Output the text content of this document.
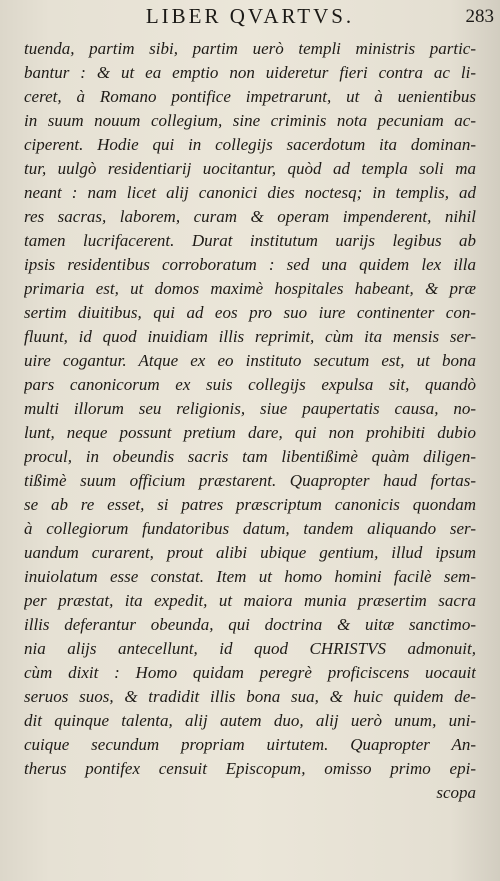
LIBER QVARTVS.	283
tuenda, partim sibi, partim uerò templi ministris partic-
bantur : & ut ea emptio non uideretur fieri contra ac li-
ceret, à Romano pontifice impetrarunt, ut à uenientibus
in suum nouum collegium, sine criminis nota pecuniam ac-
ciperent. Hodie qui in collegijs sacerdotum ita dominan-
tur, uulgò residentiarij uocitantur, quòd ad templa soli ma
neant : nam licet alij canonici dies noctesq; in templis, ad
res sacras, laborem, curam & operam impenderent, nihil
tamen lucrifacerent. Durat institutum uarijs legibus ab
ipsis residentibus corroboratum : sed una quidem lex illa
primaria est, ut domos maximè hospitales habeant, & præ
sertim diuitibus, qui ad eos pro suo iure continenter con-
fluunt, id quod inuidiam illis reprimit, cùm ita mensis ser-
uire cogantur. Atque ex eo instituto secutum est, ut bona
pars canonicorum ex suis collegijs expulsa sit, quandò
multi illorum seu religionis, siue paupertatis causa, no-
lunt, neque possunt pretium dare, qui non prohibiti dubio
procul, in obeundis sacris tam libentißimè quàm diligen-
tißimè suum officium præstarent. Quapropter haud fortas-
se ab re esset, si patres præscriptum canonicis quondam
à collegiorum fundatoribus datum, tandem aliquando ser-
uandum curarent, prout alibi ubique gentium, illud ipsum
inuiolatum esse constat. Item ut homo homini facilè sem-
per præstat, ita expedit, ut maiora munia præsertim sacra
illis deferantur obeunda, qui doctrina & uitæ sanctimo-
nia alijs antecellunt, id quod CHRISTVS admonuit,
cùm dixit : Homo quidam peregrè proficiscens uocauit
seruos suos, & tradidit illis bona sua, & huic quidem de-
dit quinque talenta, alij autem duo, alij uerò unum, uni-
cuique secundum propriam uirtutem. Quapropter An-
therus pontifex censuit Episcopum, omisso primo epi-
scopa
